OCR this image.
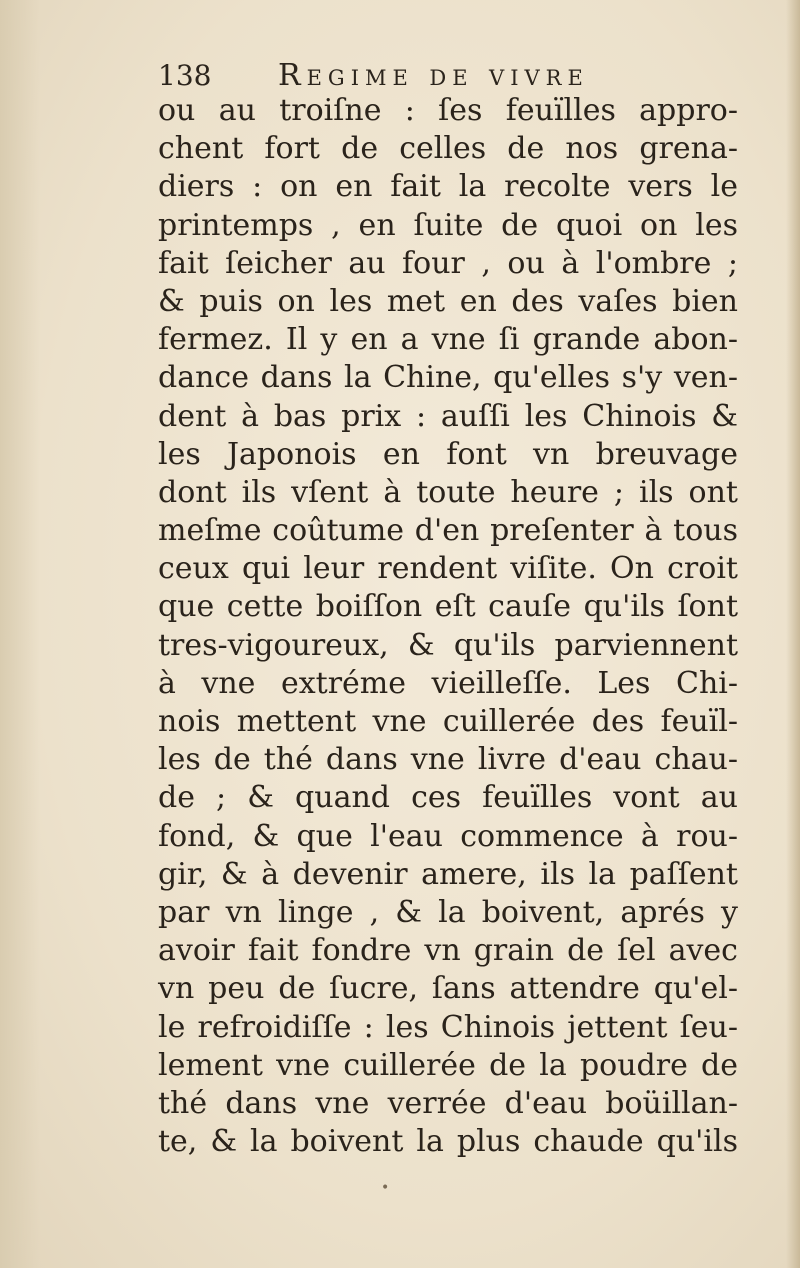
138 Regime de vivre
ou au troiſne : ſes feuïlles appro-
chent fort de celles de nos grena-
diers : on en fait la recolte vers le
printemps , en ſuite de quoi on les
fait ſeicher au four , ou à l'ombre ;
& puis on les met en des vaſes bien
fermez. Il y en a vne ſi grande abon-
dance dans la Chine, qu'elles s'y ven-
dent à bas prix : auſſi les Chinois &
les Japonois en font vn breuvage
dont ils vſent à toute heure ; ils ont
meſme coûtume d'en preſenter à tous
ceux qui leur rendent viſite. On croit
que cette boiſſon eſt cauſe qu'ils ſont
tres-vigoureux, & qu'ils parviennent
à vne extréme vieilleſſe. Les Chi-
nois mettent vne cuillerée des feuïl-
les de thé dans vne livre d'eau chau-
de ; & quand ces feuïlles vont au
fond, & que l'eau commence à rou-
gir, & à devenir amere, ils la paſſent
par vn linge , & la boivent, aprés y
avoir fait fondre vn grain de ſel avec
vn peu de ſucre, ſans attendre qu'el-
le refroidiſſe : les Chinois jettent ſeu-
lement vne cuillerée de la poudre de
thé dans vne verrée d'eau boüillan-
te, & la boivent la plus chaude qu'ils
•
